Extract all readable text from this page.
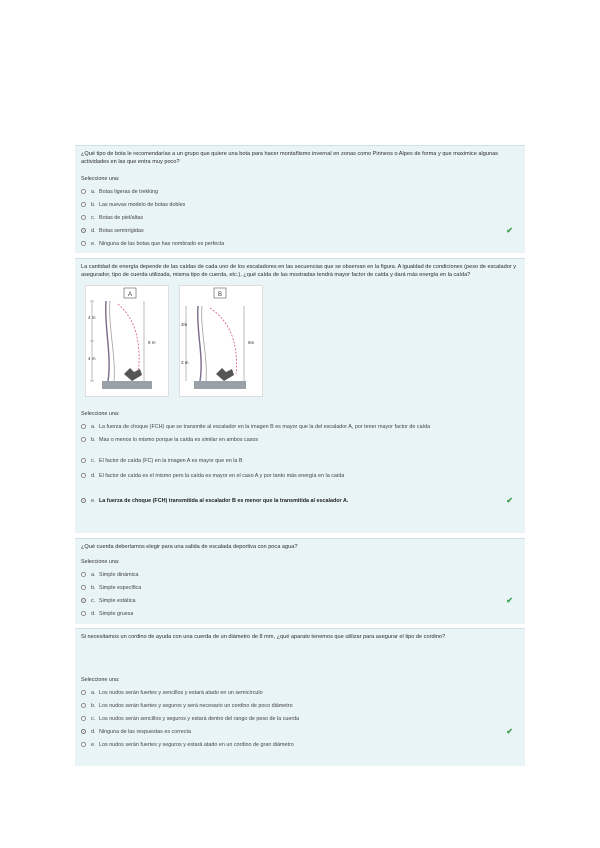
¿Qué tipo de bota le recomendarías a un grupo que quiere una bota para hacer montañismo invernal en zonas como Pirineos o Alpes de forma y que maximice algunas actividades en las que entra muy poco?

Seleccione una:
a. Botas ligeras de trekking
b. Las nuevas modelo de botas dobles
c. Botas de piel/altas
d. Botas semirrígidas	✔
e. Ninguna de las botas que has nombrado es perfecta

La cantidad de energía depende de las caídas de cada uno de los escaladores en las secuencias que se observan en la figura. A igualdad de condiciones (peso de escalador y asegurador, tipo de cuerda utilizada, misma tipo de cuerda, etc.), ¿qué caída de las mostradas tendrá mayor factor de caída y dará más energía en la caída?

A
4 m
4 m
8 m
B
3m
3 m
6m
Seleccione una:
a. La fuerza de choque (FCH) que se transmite al escalador en la imagen B es mayor que la del escalador A, por tener mayor factor de caída
b. Mas o menos lo mismo porque la caída es similar en ambos casos
c. El factor de caída (FC) en la imagen A es mayor que en la B
d. El factor de caída es el mismo pero la caída es mayor en el caso A y por tanto más energía en la caída
e. La fuerza de choque (FCH) transmitida al escalador B es menor que la transmitida al escalador A.	✔

¿Qué cuerda deberíamos elegir para una salida de escalada deportiva con poca agua?

Seleccione una:
a. Simple dinámica
b. Simple específica
c. Simple estática	✔
d. Simple gruesa

Si necesitamos un cordino de ayuda con una cuerda de un diámetro de 8 mm, ¿qué aparato tenemos que utilizar para asegurar el tipo de cordino?

Seleccione una:
a. Los nudos serán fuertes y sencillos y estará atado en un semicírculo
b. Los nudos serán fuertes y seguros y será necesario un cordino de poco diámetro
c. Los nudos serán sencillos y seguros y estará dentro del rango de peso de la cuerda
d. Ninguna de las respuestas es correcta	✔
e. Los nudos serán fuertes y seguros y estará atado en un cordino de gran diámetro
